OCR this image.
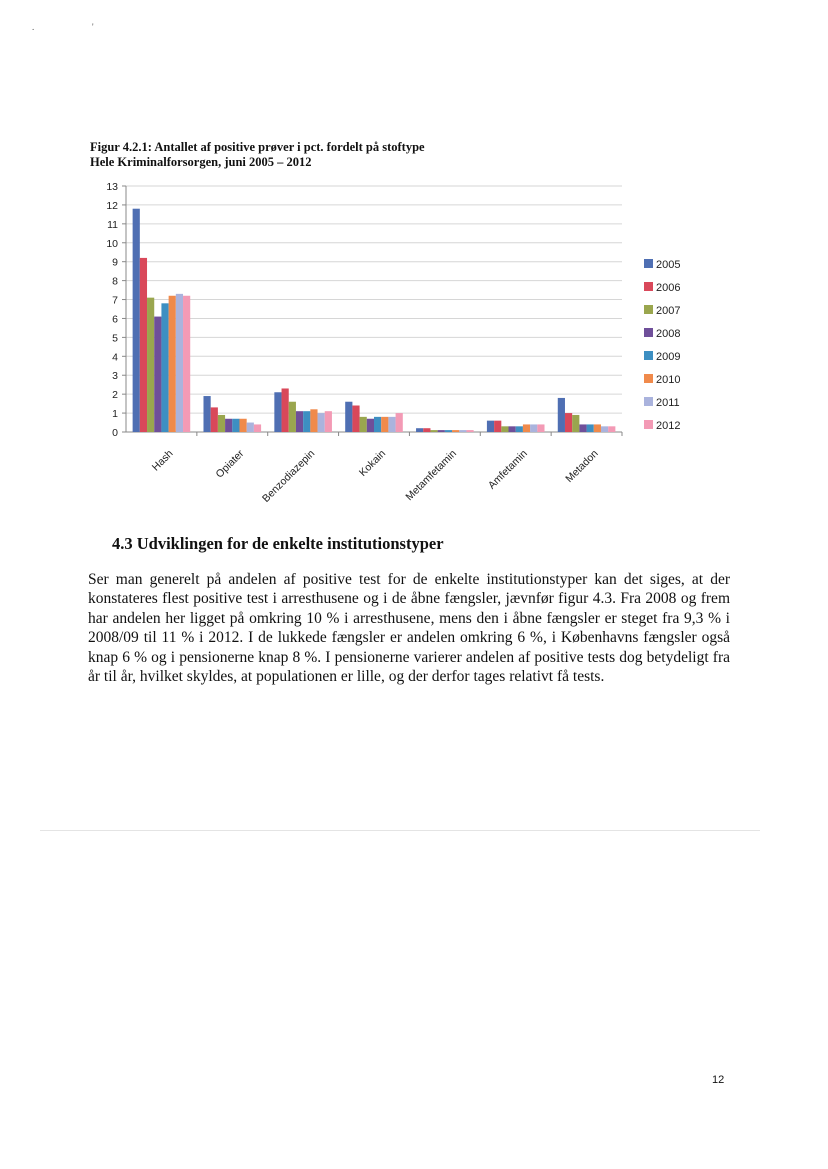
.	'
Figur 4.2.1: Antallet af positive prøver i pct. fordelt på stoftype
Hele Kriminalforsorgen, juni 2005 – 2012
0
1
2
3
4
5
6
7
8
9
10
11
12
13
Hash	Opiater Benzodiazepin	Kokain Metamfetamin	Amfetamin	Metadon
2005
2006
2007
2008
2009
2010
2011
2012
4.3 Udviklingen for de enkelte institutionstyper
Ser man generelt på andelen af positive test for de enkelte institutionstyper kan det siges, at der konstateres flest positive test i arresthusene og i de åbne fængsler, jævnfør figur 4.3. Fra 2008 og frem har andelen her ligget på omkring 10 % i arresthusene, mens den i åbne fængsler er steget fra 9,3 % i 2008/09 til 11 % i 2012. I de lukkede fængsler er andelen omkring 6 %, i Københavns fængsler også knap 6 % og i pensionerne knap 8 %. I pensionerne varierer andelen af positive tests dog betydeligt fra år til år, hvilket skyldes, at populationen er lille, og der derfor tages relativt få tests.
12
